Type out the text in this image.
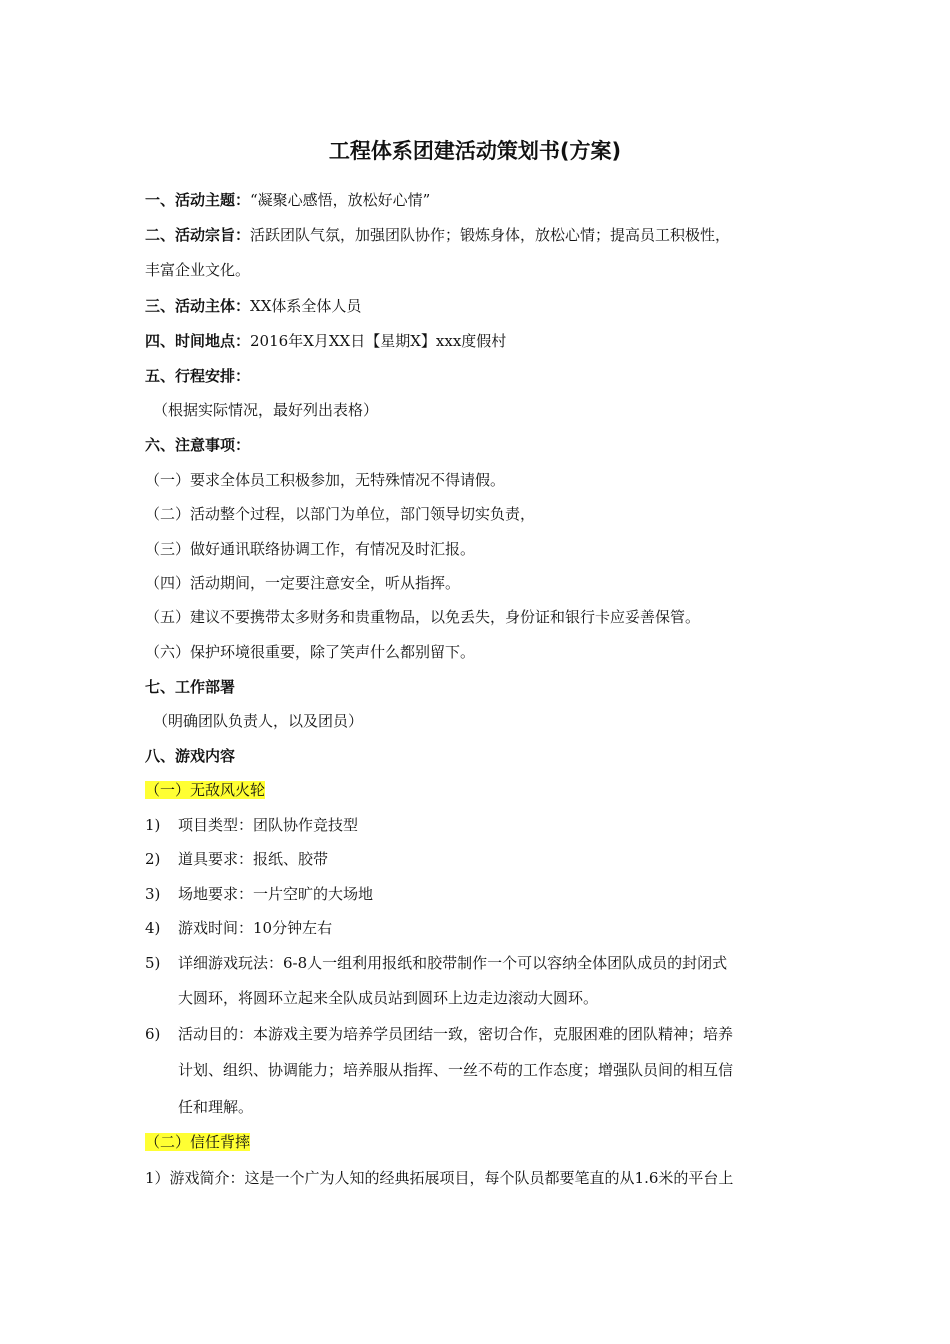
工程体系团建活动策划书(方案)
一、活动主题：“凝聚心感悟，放松好心情”
二、活动宗旨：活跃团队气氛，加强团队协作；锻炼身体，放松心情；提高员工积极性，
丰富企业文化。
三、活动主体：XX体系全体人员
四、时间地点：2016年X月XX日【星期X】xxx度假村
五、行程安排：
（根据实际情况，最好列出表格）
六、注意事项：
（一）要求全体员工积极参加，无特殊情况不得请假。
（二）活动整个过程，以部门为单位，部门领导切实负责，
（三）做好通讯联络协调工作，有情况及时汇报。
（四）活动期间，一定要注意安全，听从指挥。
（五）建议不要携带太多财务和贵重物品，以免丢失，身份证和银行卡应妥善保管。
（六）保护环境很重要，除了笑声什么都别留下。
七、工作部署
（明确团队负责人，以及团员）
八、游戏内容
（一）无敌风火轮
1) 项目类型：团队协作竞技型
2) 道具要求：报纸、胶带
3) 场地要求：一片空旷的大场地
4) 游戏时间：10分钟左右
5) 详细游戏玩法：6-8人一组利用报纸和胶带制作一个可以容纳全体团队成员的封闭式
大圆环，将圆环立起来全队成员站到圆环上边走边滚动大圆环。
6) 活动目的：本游戏主要为培养学员团结一致，密切合作，克服困难的团队精神；培养
计划、组织、协调能力；培养服从指挥、一丝不苟的工作态度；增强队员间的相互信
任和理解。
（二）信任背摔
1）游戏简介：这是一个广为人知的经典拓展项目，每个队员都要笔直的从1.6米的平台上
